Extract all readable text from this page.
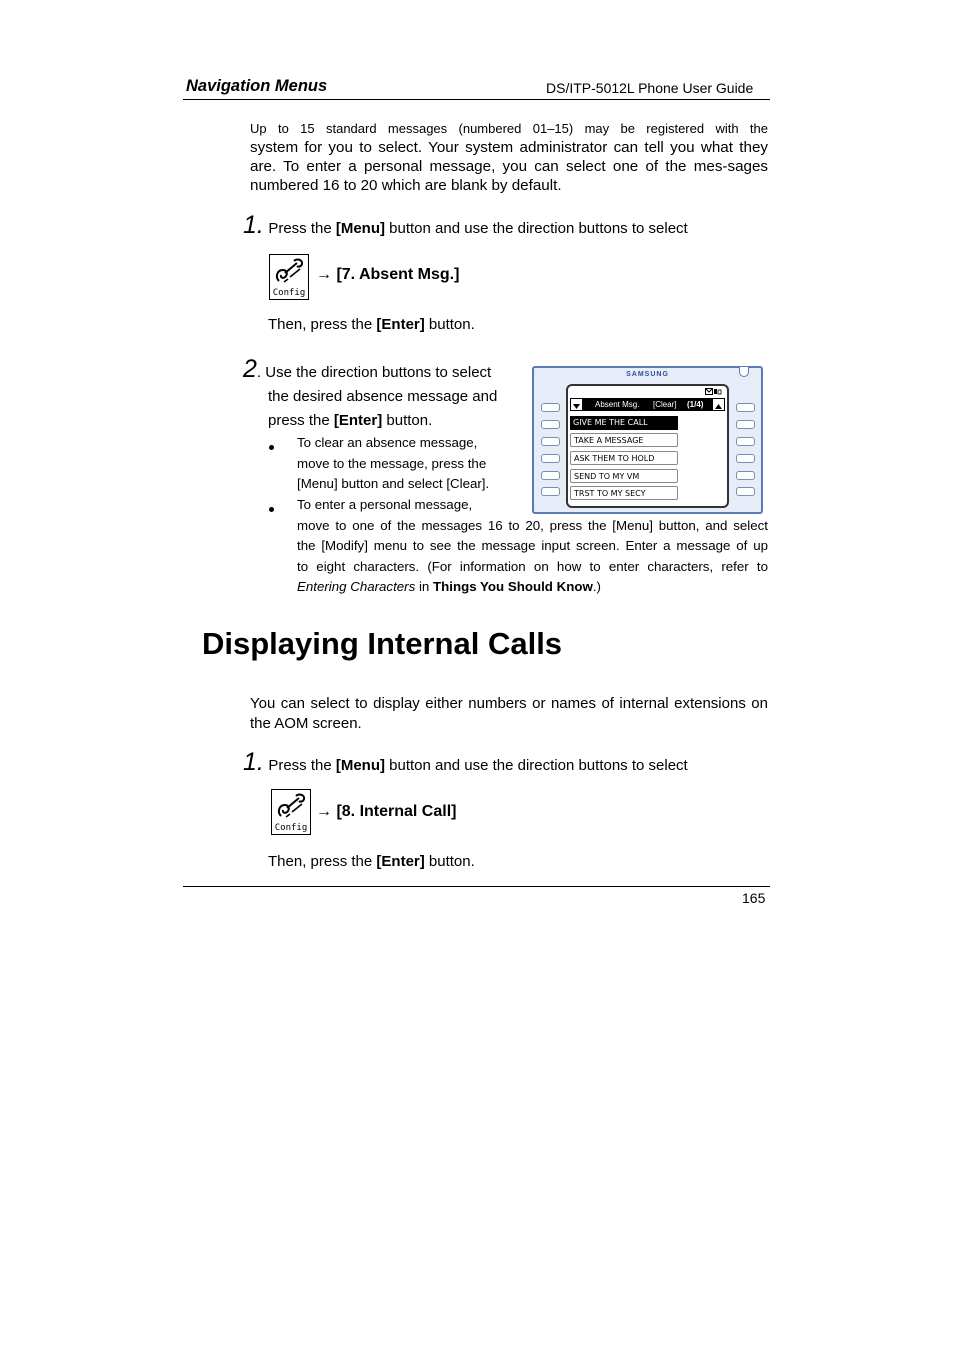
Navigation Menus	DS/ITP-5012L Phone User Guide
Up to 15 standard messages (numbered 01–15) may be registered with the
system for you to select. Your system administrator can tell you what they are. To enter a personal message, you can select one of the mes-sages numbered 16 to 20 which are blank by default.
1. Press the [Menu] button and use the direction buttons to select
Config
→ [7. Absent Msg.]
Then, press the [Enter] button.
2. Use the direction buttons to select
the desired absence message and
press the [Enter] button.
To clear an absence message,
move to the message, press the
[Menu] button and select [Clear].
To enter a personal message,
move to one of the messages 16 to 20, press the [Menu] button, and select
the [Modify] menu to see the message input screen. Enter a message of up
to eight characters. (For information on how to enter characters, refer to
Entering Characters in Things You Should Know.)
SAMSUNG
Absent Msg. [Clear] (1/4)
GIVE ME THE CALL
TAKE A MESSAGE
ASK THEM TO HOLD
SEND TO MY VM
TRST TO MY SECY
Displaying Internal Calls
You can select to display either numbers or names of internal extensions on the AOM screen.
1. Press the [Menu] button and use the direction buttons to select
Config
→ [8. Internal Call]
Then, press the [Enter] button.
165
